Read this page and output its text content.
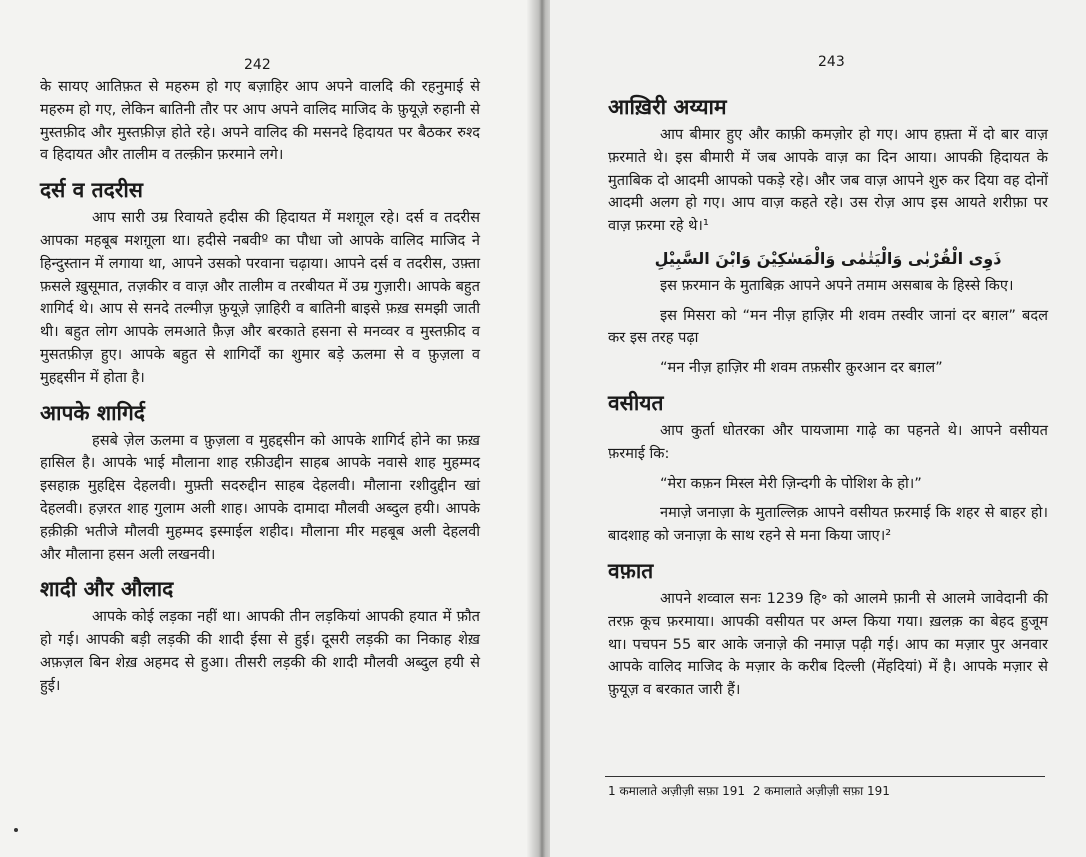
242

के सायए आतिफ़त से महरुम हो गए बज़ाहिर आप अपने वालदि की रहनुमाई से महरुम हो गए, लेकिन बातिनी तौर पर आप अपने वालिद माजिद के फ़ुयूज़े रुहानी से मुस्तफ़ीद और मुस्तफ़ीज़ होते रहे। अपने वालिद की मसनदे हिदायत पर बैठकर रुश्द व हिदायत और तालीम व तल्क़ीन फ़रमाने लगे।

दर्स व तदरीस

आप सारी उम्र रिवायते हदीस की हिदायत में मशग़ूल रहे। दर्स व तदरीस आपका महबूब मशग़ूला था। हदीसे नबवीº का पौधा जो आपके वालिद माजिद ने हिन्दुस्तान में लगाया था, आपने उसको परवाना चढ़ाया। आपने दर्स व तदरीस, उफ़्ता फ़सले ख़ुसूमात, तज़कीर व वाज़ और तालीम व तरबीयत में उम्र गुज़ारी। आपके बहुत शागिर्द थे। आप से सनदे तल्मीज़ फ़ुयूज़े ज़ाहिरी व बातिनी बाइसे फ़ख़ समझी जाती थी। बहुत लोग आपके लमआते फ़ैज़ और बरकाते हसना से मनव्वर व मुस्तफ़ीद व मुसतफ़ीज़ हुए। आपके बहुत से शागिर्दों का शुमार बड़े ऊलमा से व फ़ुज़ला व मुहद्दसीन में होता है।

आपके शागिर्द

हसबे ज़ेल ऊलमा व फ़ुज़ला व मुहद्दसीन को आपके शागिर्द होने का फ़ख़ हासिल है। आपके भाई मौलाना शाह रफ़ीउद्दीन साहब आपके नवासे शाह मुहम्मद इसहाक़ मुहद्दिस देहलवी। मुफ़्ती सदरुद्दीन साहब देहलवी। मौलाना रशीदुद्दीन खां देहलवी। हज़रत शाह गुलाम अली शाह। आपके दामादा मौलवी अब्दुल हयी। आपके हक़ीक़ी भतीजे मौलवी मुहम्मद इस्माईल शहीद। मौलाना मीर महबूब अली देहलवी और मौलाना हसन अली लखनवी।

शादी और औलाद

आपके कोई लड़का नहीं था। आपकी तीन लड़कियां आपकी हयात में फ़ौत हो गई। आपकी बड़ी लड़की की शादी ईसा से हुई। दूसरी लड़की का निकाह शेख़ अफ़ज़ल बिन शेख़ अहमद से हुआ। तीसरी लड़की की शादी मौलवी अब्दुल हयी से हुई।

243
आख़िरी अय्याम

आप बीमार हुए और काफ़ी कमज़ोर हो गए। आप हफ़्ता में दो बार वाज़ फ़रमाते थे। इस बीमारी में जब आपके वाज़ का दिन आया। आपकी हिदायत के मुताबिक दो आदमी आपको पकड़े रहे। और जब वाज़ आपने शुरु कर दिया वह दोनों आदमी अलग हो गए। आप वाज़ कहते रहे। उस रोज़ आप इस आयते शरीफ़ा पर वाज़ फ़रमा रहे थे।¹

ذَوِى الْقُرْبٰى وَالْيَتٰمٰى وَالْمَسٰكِيْنَ وَابْنَ السَّبِيْلِ

इस फ़रमान के मुताबिक़ आपने अपने तमाम असबाब के हिस्से किए।

इस मिसरा को “मन नीज़ हाज़िर मी शवम तस्वीर जानां दर बग़ल” बदल कर इस तरह पढ़ा

“मन नीज़ हाज़िर मी शवम तफ़सीर क़ुरआन दर बग़ल”

वसीयत

आप कुर्ता धोतरका और पायजामा गाढ़े का पहनते थे। आपने वसीयत फ़रमाई कि:

“मेरा कफ़न मिस्ल मेरी ज़िन्दगी के पोशिश के हो।”

नमाज़े जनाज़ा के मुताल्लिक़ आपने वसीयत फ़रमाई कि शहर से बाहर हो। बादशाह को जनाज़ा के साथ रहने से मना किया जाए।²

वफ़ात

आपने शव्वाल सनः 1239 हि॰ को आलमे फ़ानी से आलमे जावेदानी की तरफ़ कूच फ़रमाया। आपकी वसीयत पर अम्ल किया गया। ख़लक़ का बेहद हुजूम था। पचपन 55 बार आके जनाज़े की नमाज़ पढ़ी गई। आप का मज़ार पुर अनवार आपके वालिद माजिद के मज़ार के करीब दिल्ली (मेंहदियां) में है। आपके मज़ार से फ़ुयूज़ व बरकात जारी हैं।

1 कमालाते अज़ीज़ी सफ़ा 191 2 कमालाते अज़ीज़ी सफ़ा 191
